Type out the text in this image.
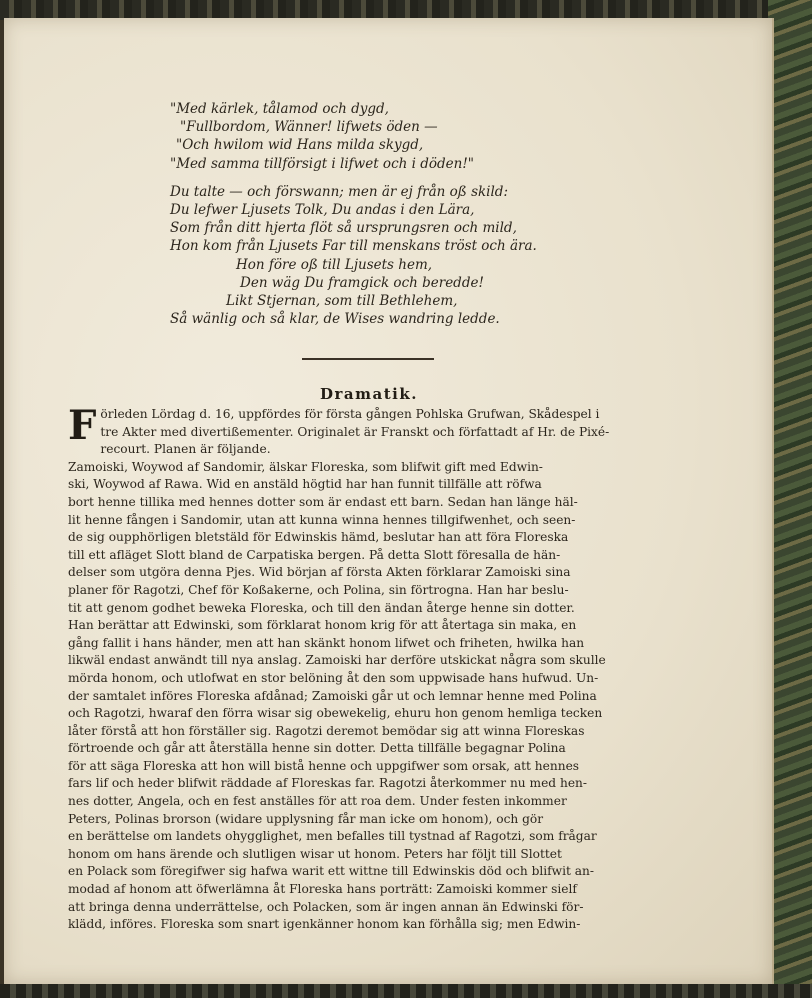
"Med kärlek, tålamod och dygd,
"Fullbordom, Wänner! lifwets öden —
"Och hwilom wid Hans milda skygd,
"Med samma tillförsigt i lifwet och i döden!"
Du talte — och förswann; men är ej från oß skild:
Du lefwer Ljusets Tolk, Du andas i den Lära,
Som från ditt hjerta flöt så ursprungsren och mild,
Hon kom från Ljusets Far till menskans tröst och ära.
Hon före oß till Ljusets hem,
Den wäg Du framgick och beredde!
Likt Stjernan, som till Bethlehem,
Så wänlig och så klar, de Wises wandring ledde.
Dramatik.
F örleden Lördag d. 16, uppfördes för första gången Pohlska Grufwan, Skådespel i
tre Akter med divertißementer. Originalet är Franskt och författadt af Hr. de Pixé-
recourt. Planen är följande.
Zamoiski, Woywod af Sandomir, älskar Floreska, som blifwit gift med Edwin-
ski, Woywod af Rawa. Wid en anstäld högtid har han funnit tillfälle att röfwa
bort henne tillika med hennes dotter som är endast ett barn. Sedan han länge häl-
lit henne fången i Sandomir, utan att kunna winna hennes tillgifwenhet, och seen-
de sig oupphörligen bletstäld för Edwinskis hämd, beslutar han att föra Floreska
till ett afläget Slott bland de Carpatiska bergen. På detta Slott föresalla de hän-
delser som utgöra denna Pjes. Wid början af första Akten förklarar Zamoiski sina
planer för Ragotzi, Chef för Koßakerne, och Polina, sin förtrogna. Han har beslu-
tit att genom godhet beweka Floreska, och till den ändan återge henne sin dotter.
Han berättar att Edwinski, som förklarat honom krig för att återtaga sin maka, en
gång fallit i hans händer, men att han skänkt honom lifwet och friheten, hwilka han
likwäl endast anwändt till nya anslag. Zamoiski har derföre utskickat några som skulle
mörda honom, och utlofwat en stor belöning åt den som uppwisade hans hufwud. Un-
der samtalet införes Floreska afdånad; Zamoiski går ut och lemnar henne med Polina
och Ragotzi, hwaraf den förra wisar sig obewekelig, ehuru hon genom hemliga tecken
låter förstå att hon förställer sig. Ragotzi deremot bemödar sig att winna Floreskas
förtroende och går att återställa henne sin dotter. Detta tillfälle begagnar Polina
för att säga Floreska att hon will bistå henne och uppgifwer som orsak, att hennes
fars lif och heder blifwit räddade af Floreskas far. Ragotzi återkommer nu med hen-
nes dotter, Angela, och en fest anställes för att roa dem. Under festen inkommer
Peters, Polinas brorson (widare upplysning får man icke om honom), och gör
en berättelse om landets ohygglighet, men befalles till tystnad af Ragotzi, som frågar
honom om hans ärende och slutligen wisar ut honom. Peters har följt till Slottet
en Polack som föregifwer sig hafwa warit ett wittne till Edwinskis död och blifwit an-
modad af honom att öfwerlämna åt Floreska hans porträtt: Zamoiski kommer sielf
att bringa denna underrättelse, och Polacken, som är ingen annan än Edwinski för-
klädd, införes. Floreska som snart igenkänner honom kan förhålla sig; men Edwin-
